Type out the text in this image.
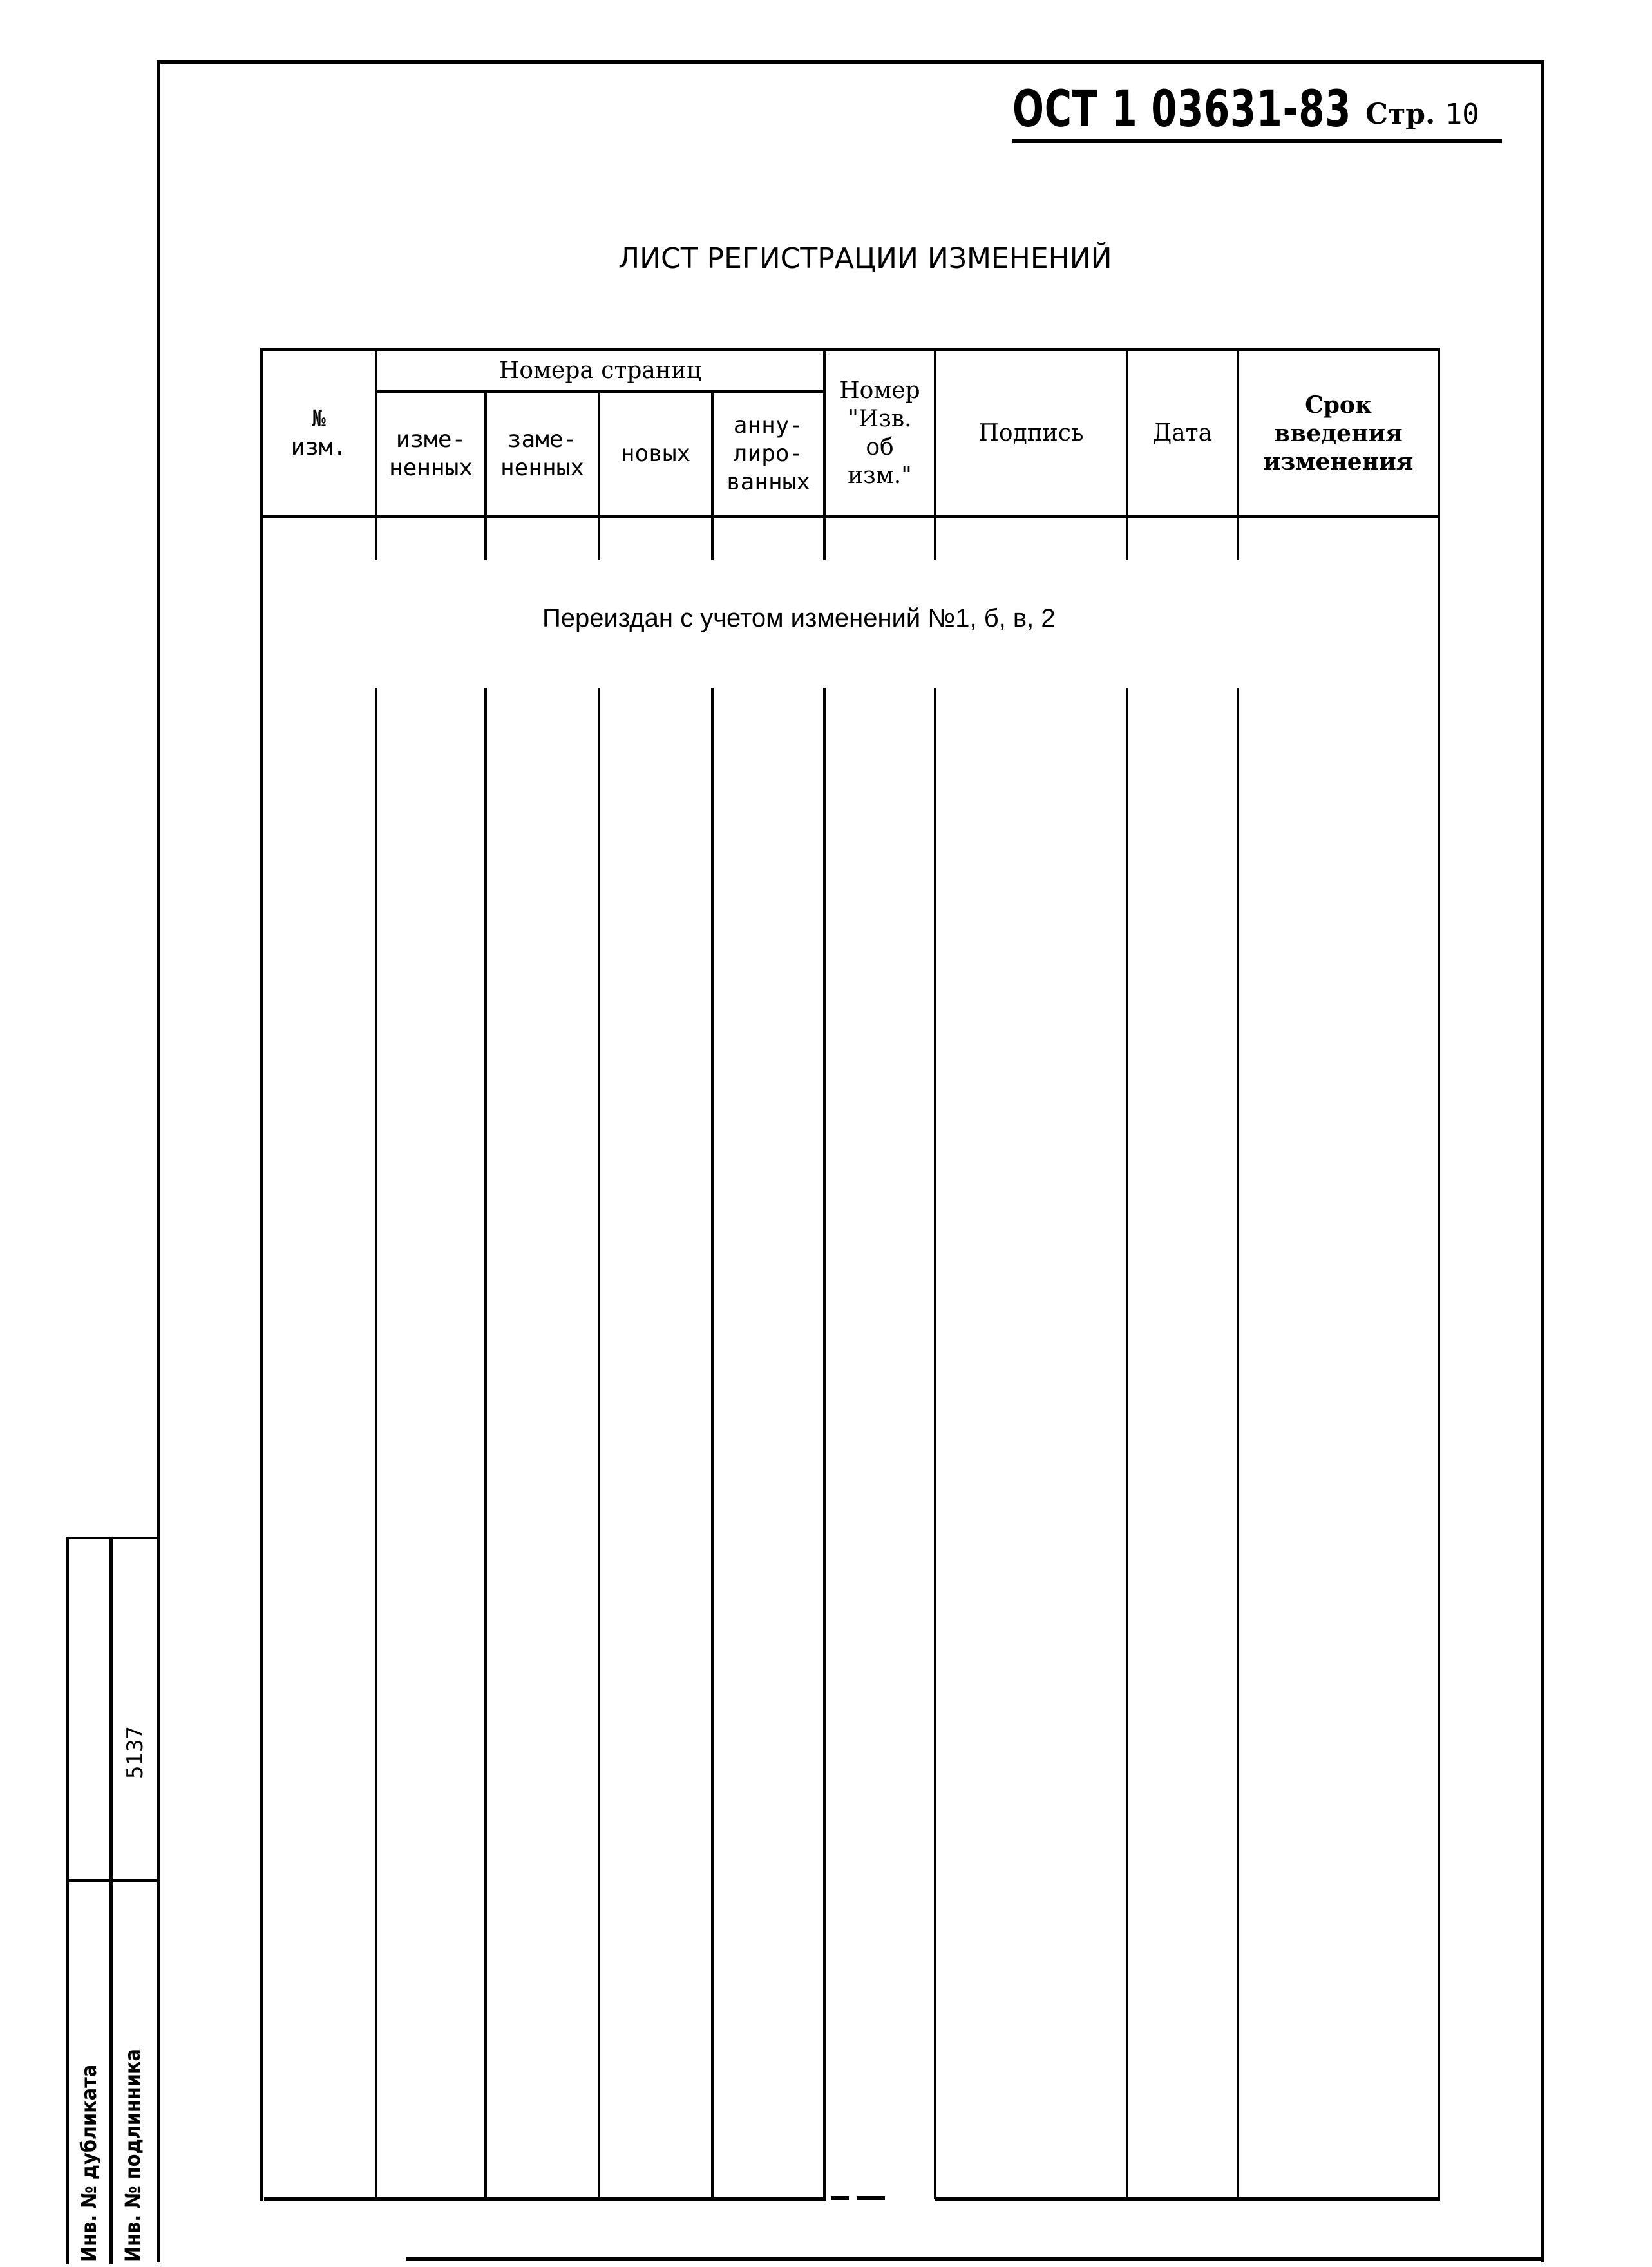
ОСТ 1 03631-83 Стр. 10
ЛИСТ РЕГИСТРАЦИИ ИЗМЕНЕНИЙ
№
изм.
Номера страниц
изме-
ненных
заме-
ненных
новых
анну-
лиро-
ванных
Номер
"Изв.
об
изм."
Подпись	Дата
Срок
введения
изменения
Переиздан с учетом изменений №1, б, в, 2
Инв. № дубликата Инв. № подлинника
5137
